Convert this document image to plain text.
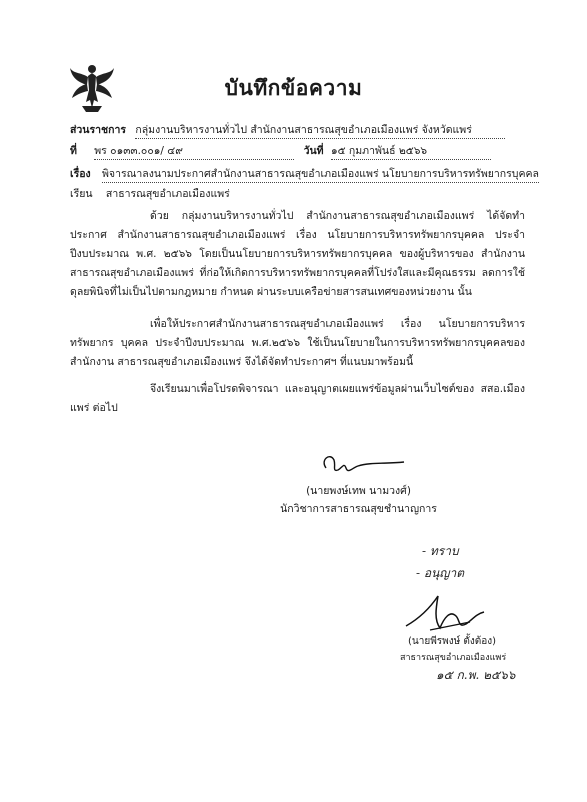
บันทึกข้อความ
ส่วนราชการ กลุ่มงานบริหารงานทั่วไป สำนักงานสาธารณสุขอำเภอเมืองแพร่ จังหวัดแพร่
ที่ พร ๐๑๓๓.๐๐๑/ ๔๙	วันที่ ๑๕ กุมภาพันธ์ ๒๕๖๖
เรื่อง พิจารณาลงนามประกาศสำนักงานสาธารณสุขอำเภอเมืองแพร่ นโยบายการบริหารทรัพยากรบุคคล
เรียน สาธารณสุขอำเภอเมืองแพร่
ด้วย กลุ่มงานบริหารงานทั่วไป สำนักงานสาธารณสุขอำเภอเมืองแพร่ ได้จัดทำประกาศ สำนักงานสาธารณสุขอำเภอเมืองแพร่ เรื่อง นโยบายการบริหารทรัพยากรบุคคล ประจำปีงบประมาณ พ.ศ. ๒๕๖๖ โดยเป็นนโยบายการบริหารทรัพยากรบุคคล ของผู้บริหารของ สำนักงานสาธารณสุขอำเภอเมืองแพร่ ที่ก่อให้เกิดการบริหารทรัพยากรบุคคลที่โปร่งใสและมีคุณธรรม ลดการใช้ดุลยพินิจที่ไม่เป็นไปตามกฎหมาย กำหนด ผ่านระบบเครือข่ายสารสนเทศของหน่วยงาน นั้น
เพื่อให้ประกาศสำนักงานสาธารณสุขอำเภอเมืองแพร่ เรื่อง นโยบายการบริหารทรัพยากร บุคคล ประจำปีงบประมาณ พ.ศ.๒๕๖๖ ใช้เป็นนโยบายในการบริหารทรัพยากรบุคคลของ สำนักงาน สาธารณสุขอำเภอเมืองแพร่ จึงได้จัดทำประกาศฯ ที่แนบมาพร้อมนี้
จึงเรียนมาเพื่อโปรดพิจารณา และอนุญาตเผยแพร่ข้อมูลผ่านเว็บไซต์ของ สสอ.เมืองแพร่ ต่อไป
(นายพงษ์เทพ นามวงศ์)
นักวิชาการสาธารณสุขชำนาญการ
- ทราบ
- อนุญาต
(นายพีรพงษ์ ตั้งต้อง)
สาธารณสุขอำเภอเมืองแพร่
๑๕ ก.พ. ๒๕๖๖
